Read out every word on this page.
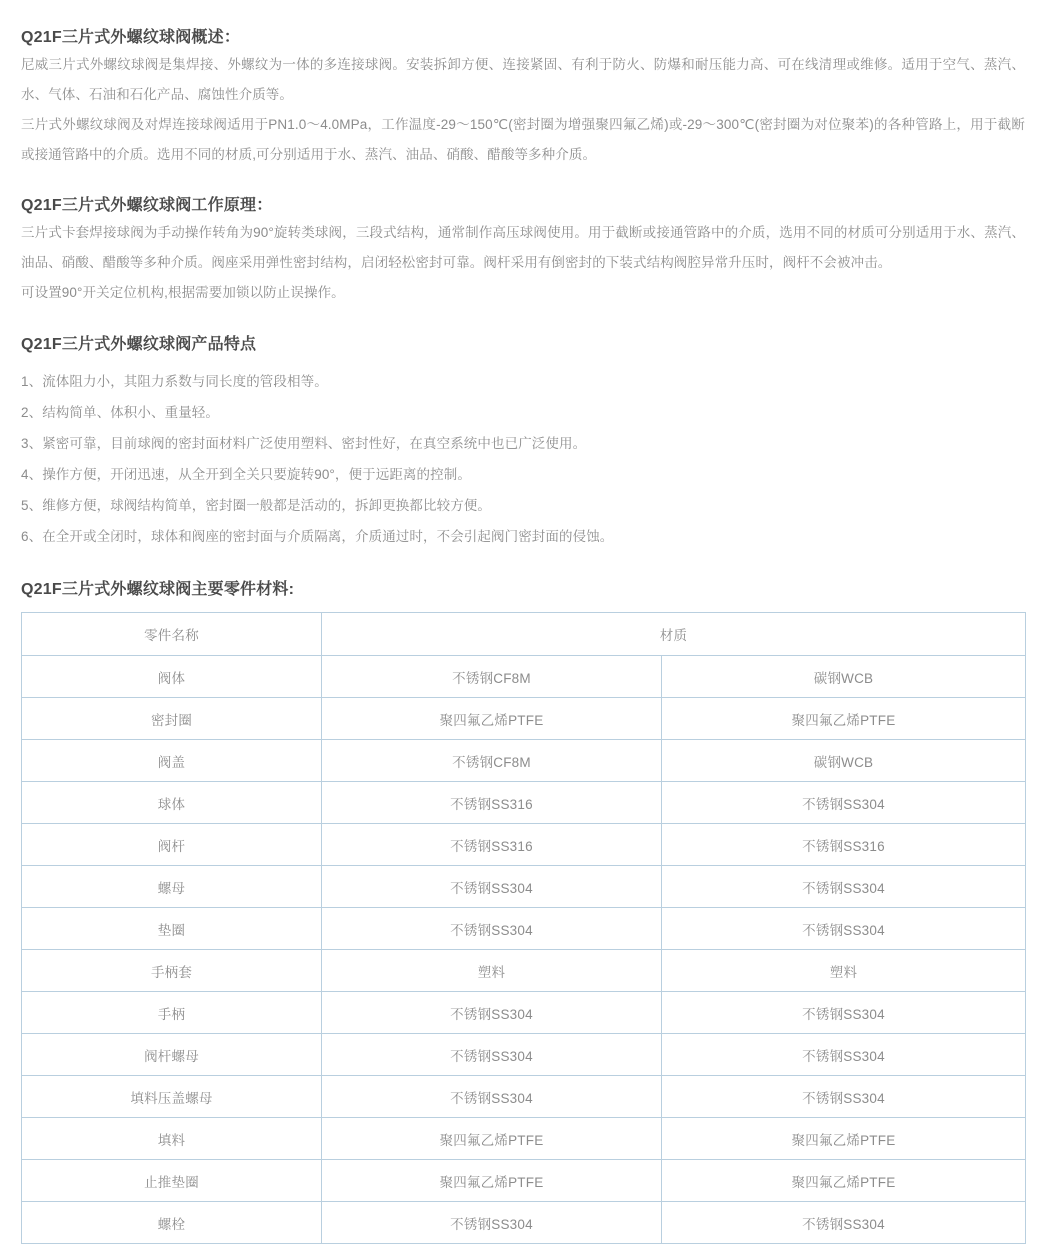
Q21F三片式外螺纹球阀概述：

尼威三片式外螺纹球阀是集焊接、外螺纹为一体的多连接球阀。安装拆卸方便、连接紧固、有利于防火、防爆和耐压能力高、可在线清理或维修。适用于空气、蒸汽、水、气体、石油和石化产品、腐蚀性介质等。

三片式外螺纹球阀及对焊连接球阀适用于PN1.0～4.0MPa，工作温度-29～150℃(密封圈为增强聚四氟乙烯)或-29～300℃(密封圈为对位聚苯)的各种管路上，用于截断或接通管路中的介质。选用不同的材质,可分别适用于水、蒸汽、油品、硝酸、醋酸等多种介质。

Q21F三片式外螺纹球阀工作原理：

三片式卡套焊接球阀为手动操作转角为90°旋转类球阀，三段式结构，通常制作高压球阀使用。用于截断或接通管路中的介质，选用不同的材质可分别适用于水、蒸汽、油品、硝酸、醋酸等多种介质。阀座采用弹性密封结构，启闭轻松密封可靠。阀杆采用有倒密封的下装式结构阀腔异常升压时，阀杆不会被冲击。

可设置90°开关定位机构,根据需要加锁以防止误操作。

Q21F三片式外螺纹球阀产品特点
1、流体阻力小，其阻力系数与同长度的管段相等。
2、结构简单、体积小、重量轻。
3、紧密可靠，目前球阀的密封面材料广泛使用塑料、密封性好，在真空系统中也已广泛使用。
4、操作方便，开闭迅速，从全开到全关只要旋转90°，便于远距离的控制。
5、维修方便，球阀结构简单，密封圈一般都是活动的，拆卸更换都比较方便。
6、在全开或全闭时，球体和阀座的密封面与介质隔离，介质通过时，不会引起阀门密封面的侵蚀。
Q21F三片式外螺纹球阀主要零件材料:
零件名称	材质	
阀体	不锈钢CF8M	碳钢WCB
密封圈	聚四氟乙烯PTFE	聚四氟乙烯PTFE
阀盖	不锈钢CF8M	碳钢WCB
球体	不锈钢SS316	不锈钢SS304
阀杆	不锈钢SS316	不锈钢SS316
螺母	不锈钢SS304	不锈钢SS304
垫圈	不锈钢SS304	不锈钢SS304
手柄套	塑料	塑料
手柄	不锈钢SS304	不锈钢SS304
阀杆螺母	不锈钢SS304	不锈钢SS304
填料压盖螺母	不锈钢SS304	不锈钢SS304
填料	聚四氟乙烯PTFE	聚四氟乙烯PTFE
止推垫圈	聚四氟乙烯PTFE	聚四氟乙烯PTFE
螺栓	不锈钢SS304	不锈钢SS304
